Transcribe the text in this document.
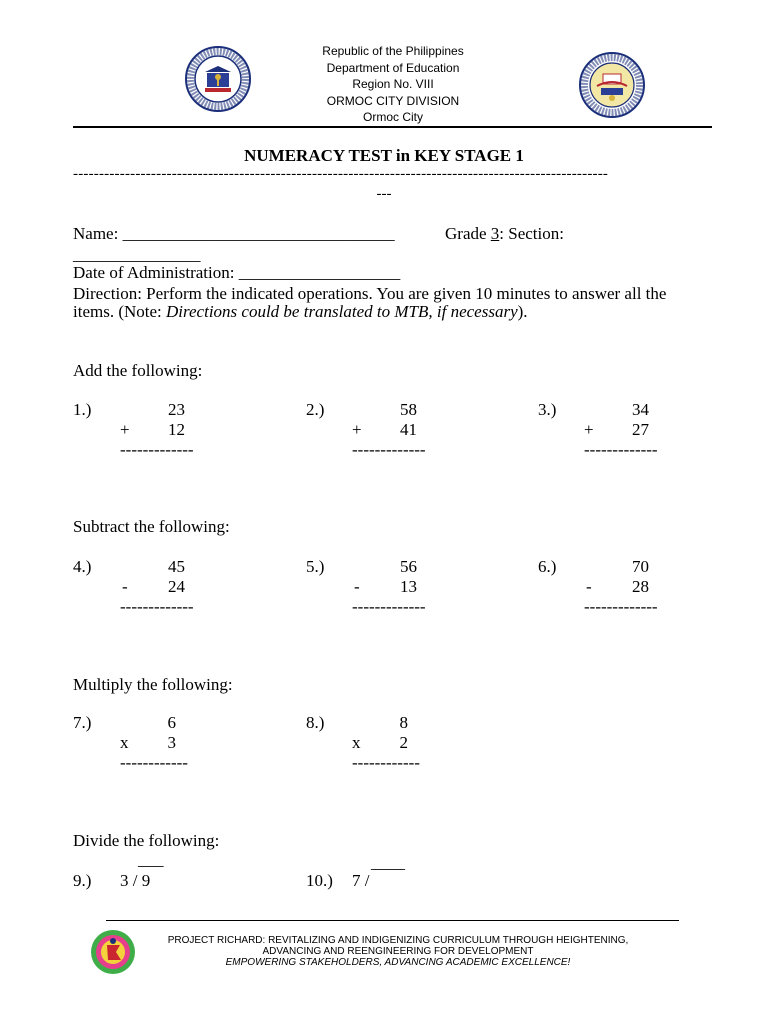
Republic of the Philippines
Department of Education
Region No. VIII
ORMOC CITY DIVISION
Ormoc City
NUMERACY TEST in KEY STAGE 1
-------------------------------------------------------------------------------------------------------
---
Name: ________________________________	Grade 3: Section:
_______________
Date of Administration: ___________________
Direction: Perform the indicated operations. You are given 10 minutes to answer all the
items. (Note: Directions could be translated to MTB, if necessary).
Add the following:
1.)	23
+	12
-------------
2.)	58
+	41
-------------
3.)	34
+	27
-------------
Subtract the following:
4.)	45
-	24
-------------
5.)	56
-	13
-------------
6.)	70
-	28
-------------
Multiply the following:
7.)	6
x	3
------------
8.)	8
x	2
------------
Divide the following:
___
9.) 3 / 9
____
10.) 7 /
PROJECT RICHARD: REVITALIZING AND INDIGENIZING CURRICULUM THROUGH HEIGHTENING,
ADVANCING AND REENGINEERING FOR DEVELOPMENT
EMPOWERING STAKEHOLDERS, ADVANCING ACADEMIC EXCELLENCE!
